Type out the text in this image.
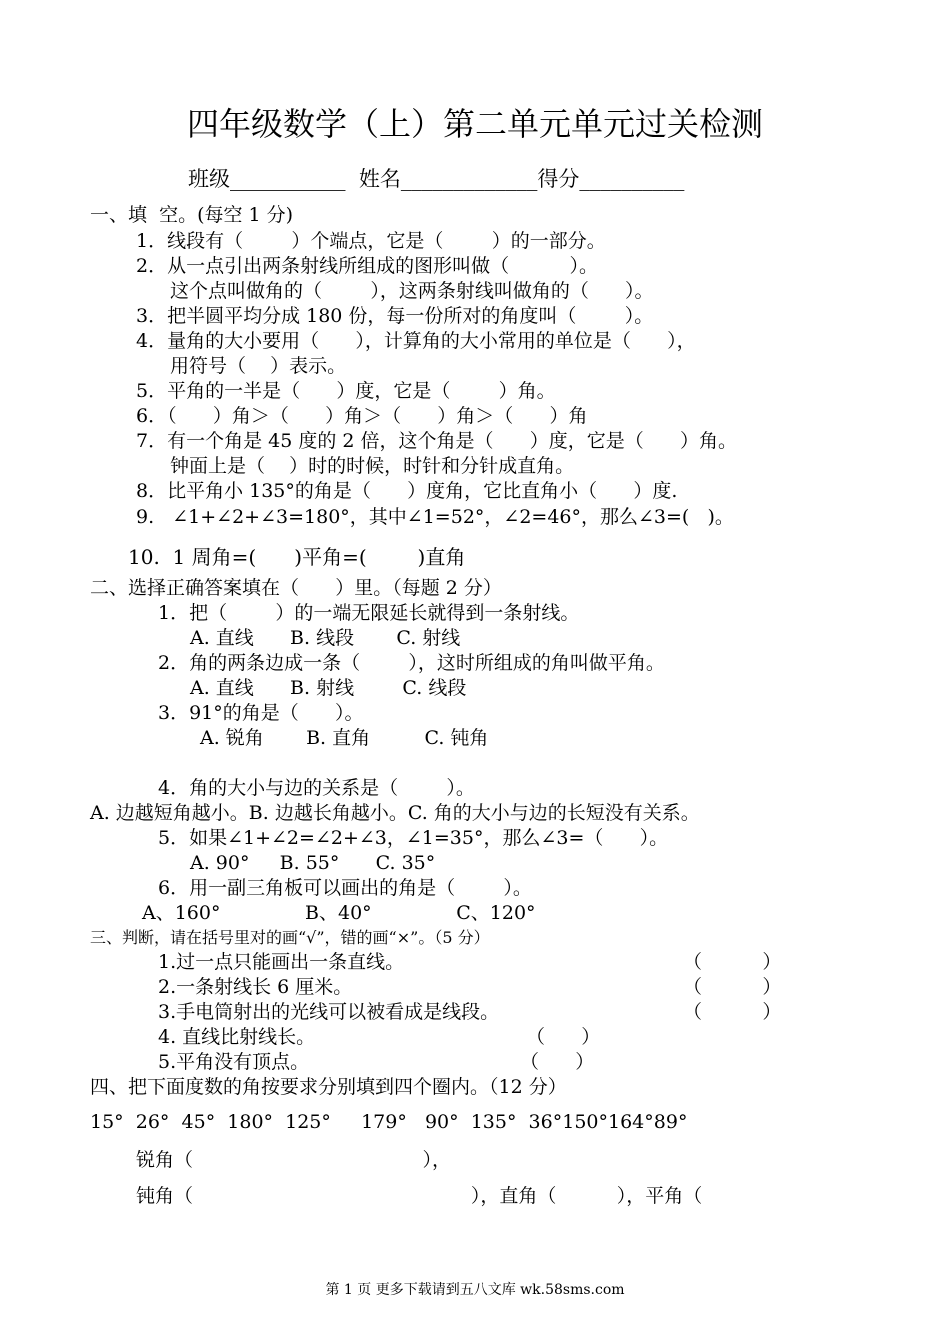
四年级数学（上）第二单元单元过关检测
班级___________  姓名_____________得分__________
一、填  空。(每空 1 分)
1．线段有（        ）个端点，它是（        ）的一部分。
2．从一点引出两条射线所组成的图形叫做（          ）。
这个点叫做角的（        ），这两条射线叫做角的（      ）。
3．把半圆平均分成 180 份，每一份所对的角度叫（        ）。
4．量角的大小要用（      ），计算角的大小常用的单位是（      ），
用符号（    ）表示。
5．平角的一半是（      ）度，它是（        ）角。
6．（      ）角＞（      ）角＞（      ）角＞（      ）角
7．有一个角是 45 度的 2 倍，这个角是（      ）度，它是（      ）角。
钟面上是（    ）时的时候，时针和分针成直角。
8．比平角小 135°的角是（      ）度角，它比直角小（      ）度.
9.   ∠1+∠2+∠3=180°，其中∠1=52°，∠2=46°，那么∠3=(   )。
10.  1 周角=(      )平角=(        )直角
二、选择正确答案填在（      ）里。（每题 2 分）
1．把（        ）的一端无限延长就得到一条射线。
A. 直线      B. 线段       C. 射线
2．角的两条边成一条（        ），这时所组成的角叫做平角。
A. 直线      B. 射线        C. 线段
3．91°的角是（      ）。
A. 锐角       B. 直角         C. 钝角
4．角的大小与边的关系是（        ）。
A. 边越短角越小。B. 边越长角越小。C. 角的大小与边的长短没有关系。
5．如果∠1+∠2=∠2+∠3，∠1=35°，那么∠3=（      ）。
A. 90°     B. 55°      C. 35°
6．用一副三角板可以画出的角是（        ）。
A、160°              B、40°              C、120°
三、判断，请在括号里对的画“√”，错的画“×”。（5 分）
1.过一点只能画出一条直线。	（          ）
2.一条射线长 6 厘米。	（          ）
3.手电筒射出的光线可以被看成是线段。	（          ）
4. 直线比射线长。	（      ）
5.平角没有顶点。	（      ）
四、把下面度数的角按要求分别填到四个圈内。（12 分）
15°  26°  45°  180°  125°     179°   90°  135°  36°150°164°89°
锐角（                                      ），
钝角（                                              ），直角（          ），平角（
第 1 页 更多下载请到五八文库 wk.58sms.com
